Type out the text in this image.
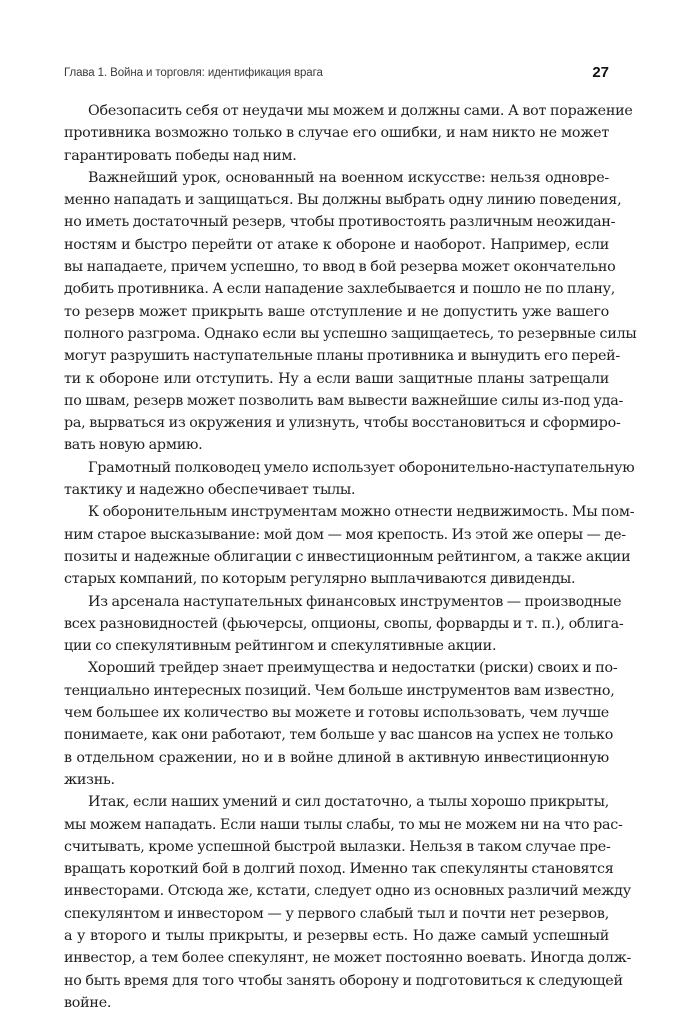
Глава 1. Война и торговля: идентификация врага	27

Обезопасить себя от неудачи мы можем и должны сами. А вот поражение
противника возможно только в случае его ошибки, и нам никто не может
гарантировать победы над ним.

Важнейший урок, основанный на военном искусстве: нельзя одновре-
менно нападать и защищаться. Вы должны выбрать одну линию поведения,
но иметь достаточный резерв, чтобы противостоять различным неожидан-
ностям и быстро перейти от атаке к обороне и наоборот. Например, если
вы нападаете, причем успешно, то ввод в бой резерва может окончательно
добить противника. А если нападение захлебывается и пошло не по плану,
то резерв может прикрыть ваше отступление и не допустить уже вашего
полного разгрома. Однако если вы успешно защищаетесь, то резервные силы
могут разрушить наступательные планы противника и вынудить его перей-
ти к обороне или отступить. Ну а если ваши защитные планы затрещали
по швам, резерв может позволить вам вывести важнейшие силы из-под уда-
ра, вырваться из окружения и улизнуть, чтобы восстановиться и сформиро-
вать новую армию.

Грамотный полководец умело использует оборонительно-наступательную
тактику и надежно обеспечивает тылы.

К оборонительным инструментам можно отнести недвижимость. Мы пом-
ним старое высказывание: мой дом — моя крепость. Из этой же оперы — де-
позиты и надежные облигации с инвестиционным рейтингом, а также акции
старых компаний, по которым регулярно выплачиваются дивиденды.

Из арсенала наступательных финансовых инструментов — производные
всех разновидностей (фьючерсы, опционы, свопы, форварды и т. п.), облига-
ции со спекулятивным рейтингом и спекулятивные акции.

Хороший трейдер знает преимущества и недостатки (риски) своих и по-
тенциально интересных позиций. Чем больше инструментов вам известно,
чем большее их количество вы можете и готовы использовать, чем лучше
понимаете, как они работают, тем больше у вас шансов на успех не только
в отдельном сражении, но и в войне длиной в активную инвестиционную
жизнь.

Итак, если наших умений и сил достаточно, а тылы хорошо прикрыты,
мы можем нападать. Если наши тылы слабы, то мы не можем ни на что рас-
считывать, кроме успешной быстрой вылазки. Нельзя в таком случае пре-
вращать короткий бой в долгий поход. Именно так спекулянты становятся
инвесторами. Отсюда же, кстати, следует одно из основных различий между
спекулянтом и инвестором — у первого слабый тыл и почти нет резервов,
а у второго и тылы прикрыты, и резервы есть. Но даже самый успешный
инвестор, а тем более спекулянт, не может постоянно воевать. Иногда долж-
но быть время для того чтобы занять оборону и подготовиться к следующей
войне.
